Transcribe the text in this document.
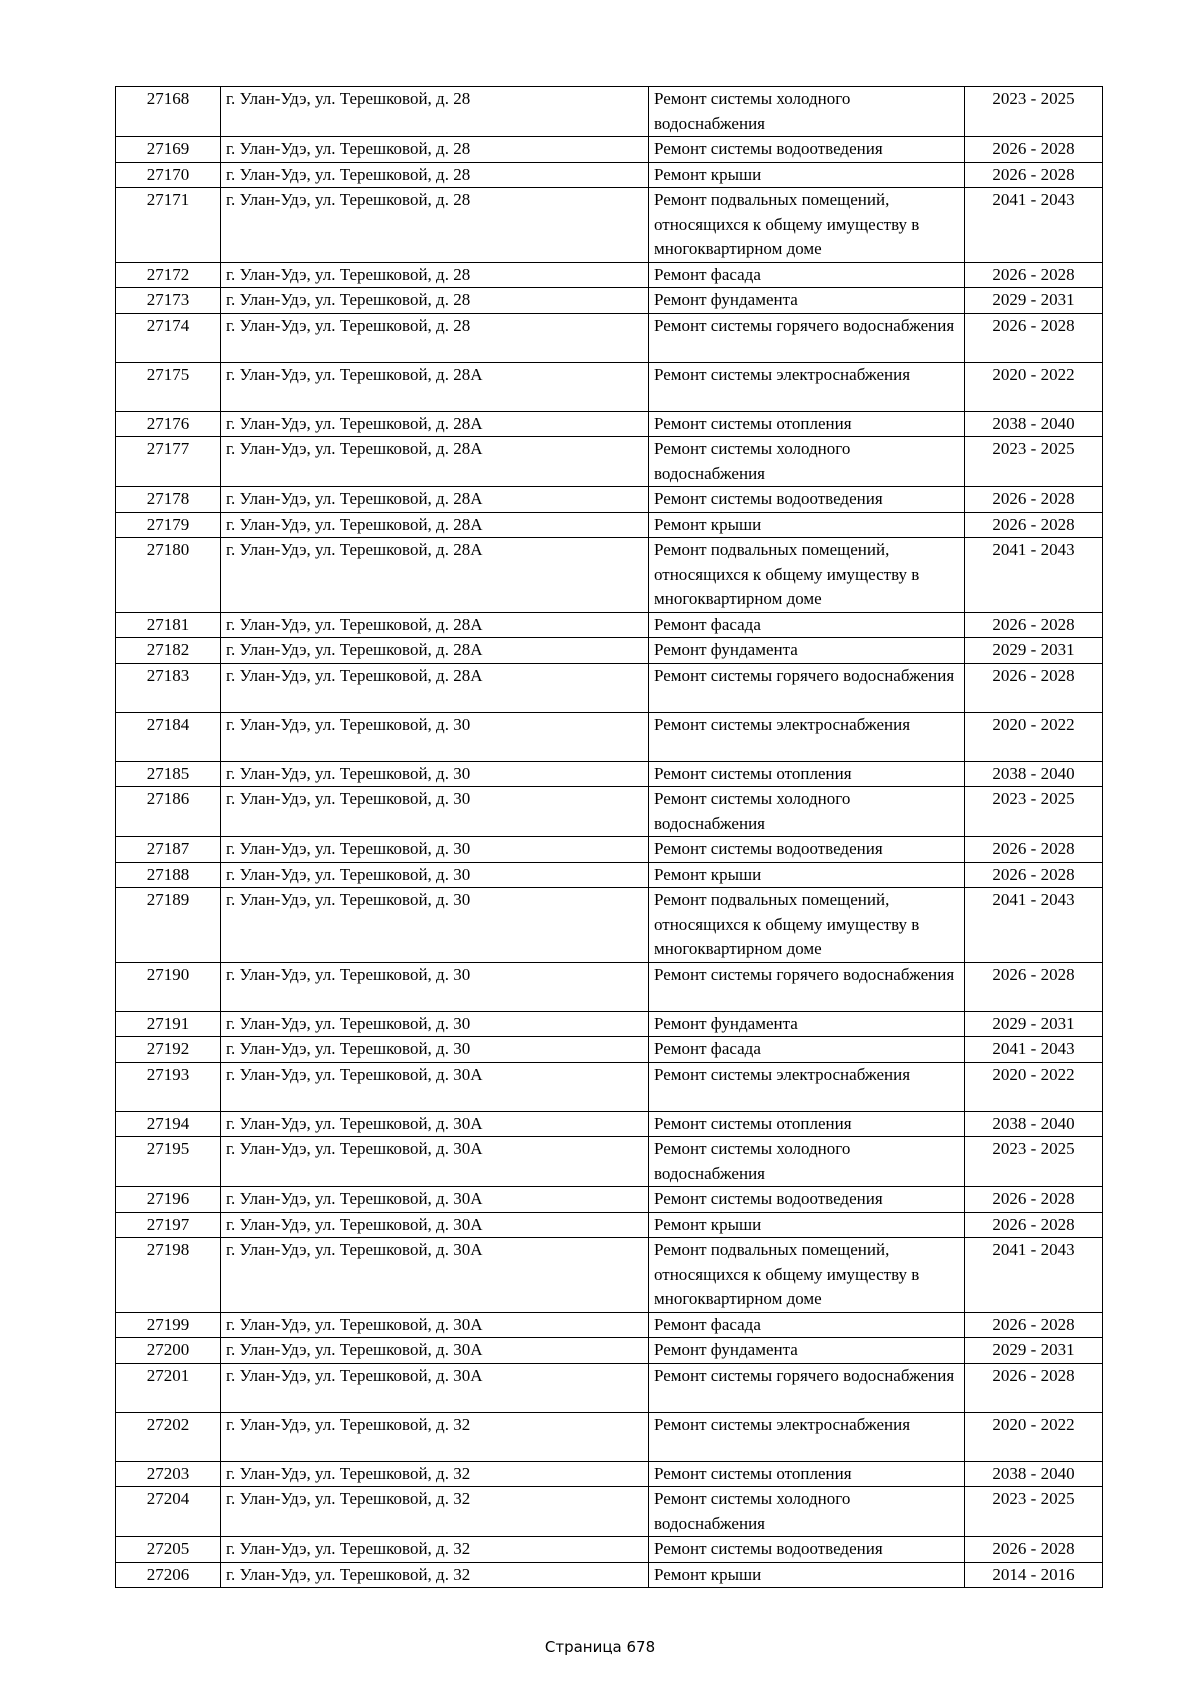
27168	г. Улан-Удэ, ул. Терешковой, д. 28	Ремонт системы холодного водоснабжения	2023 - 2025
27169	г. Улан-Удэ, ул. Терешковой, д. 28	Ремонт системы водоотведения	2026 - 2028
27170	г. Улан-Удэ, ул. Терешковой, д. 28	Ремонт крыши	2026 - 2028
27171	г. Улан-Удэ, ул. Терешковой, д. 28	Ремонт подвальных помещений, относящихся к общему имуществу в многоквартирном доме	2041 - 2043
27172	г. Улан-Удэ, ул. Терешковой, д. 28	Ремонт фасада	2026 - 2028
27173	г. Улан-Удэ, ул. Терешковой, д. 28	Ремонт фундамента	2029 - 2031
27174	г. Улан-Удэ, ул. Терешковой, д. 28	Ремонт системы горячего водоснабжения	2026 - 2028
27175	г. Улан-Удэ, ул. Терешковой, д. 28А	Ремонт системы электроснабжения	2020 - 2022
27176	г. Улан-Удэ, ул. Терешковой, д. 28А	Ремонт системы отопления	2038 - 2040
27177	г. Улан-Удэ, ул. Терешковой, д. 28А	Ремонт системы холодного водоснабжения	2023 - 2025
27178	г. Улан-Удэ, ул. Терешковой, д. 28А	Ремонт системы водоотведения	2026 - 2028
27179	г. Улан-Удэ, ул. Терешковой, д. 28А	Ремонт крыши	2026 - 2028
27180	г. Улан-Удэ, ул. Терешковой, д. 28А	Ремонт подвальных помещений, относящихся к общему имуществу в многоквартирном доме	2041 - 2043
27181	г. Улан-Удэ, ул. Терешковой, д. 28А	Ремонт фасада	2026 - 2028
27182	г. Улан-Удэ, ул. Терешковой, д. 28А	Ремонт фундамента	2029 - 2031
27183	г. Улан-Удэ, ул. Терешковой, д. 28А	Ремонт системы горячего водоснабжения	2026 - 2028
27184	г. Улан-Удэ, ул. Терешковой, д. 30	Ремонт системы электроснабжения	2020 - 2022
27185	г. Улан-Удэ, ул. Терешковой, д. 30	Ремонт системы отопления	2038 - 2040
27186	г. Улан-Удэ, ул. Терешковой, д. 30	Ремонт системы холодного водоснабжения	2023 - 2025
27187	г. Улан-Удэ, ул. Терешковой, д. 30	Ремонт системы водоотведения	2026 - 2028
27188	г. Улан-Удэ, ул. Терешковой, д. 30	Ремонт крыши	2026 - 2028
27189	г. Улан-Удэ, ул. Терешковой, д. 30	Ремонт подвальных помещений, относящихся к общему имуществу в многоквартирном доме	2041 - 2043
27190	г. Улан-Удэ, ул. Терешковой, д. 30	Ремонт системы горячего водоснабжения	2026 - 2028
27191	г. Улан-Удэ, ул. Терешковой, д. 30	Ремонт фундамента	2029 - 2031
27192	г. Улан-Удэ, ул. Терешковой, д. 30	Ремонт фасада	2041 - 2043
27193	г. Улан-Удэ, ул. Терешковой, д. 30А	Ремонт системы электроснабжения	2020 - 2022
27194	г. Улан-Удэ, ул. Терешковой, д. 30А	Ремонт системы отопления	2038 - 2040
27195	г. Улан-Удэ, ул. Терешковой, д. 30А	Ремонт системы холодного водоснабжения	2023 - 2025
27196	г. Улан-Удэ, ул. Терешковой, д. 30А	Ремонт системы водоотведения	2026 - 2028
27197	г. Улан-Удэ, ул. Терешковой, д. 30А	Ремонт крыши	2026 - 2028
27198	г. Улан-Удэ, ул. Терешковой, д. 30А	Ремонт подвальных помещений, относящихся к общему имуществу в многоквартирном доме	2041 - 2043
27199	г. Улан-Удэ, ул. Терешковой, д. 30А	Ремонт фасада	2026 - 2028
27200	г. Улан-Удэ, ул. Терешковой, д. 30А	Ремонт фундамента	2029 - 2031
27201	г. Улан-Удэ, ул. Терешковой, д. 30А	Ремонт системы горячего водоснабжения	2026 - 2028
27202	г. Улан-Удэ, ул. Терешковой, д. 32	Ремонт системы электроснабжения	2020 - 2022
27203	г. Улан-Удэ, ул. Терешковой, д. 32	Ремонт системы отопления	2038 - 2040
27204	г. Улан-Удэ, ул. Терешковой, д. 32	Ремонт системы холодного водоснабжения	2023 - 2025
27205	г. Улан-Удэ, ул. Терешковой, д. 32	Ремонт системы водоотведения	2026 - 2028
27206	г. Улан-Удэ, ул. Терешковой, д. 32	Ремонт крыши	2014 - 2016
Страница 678
